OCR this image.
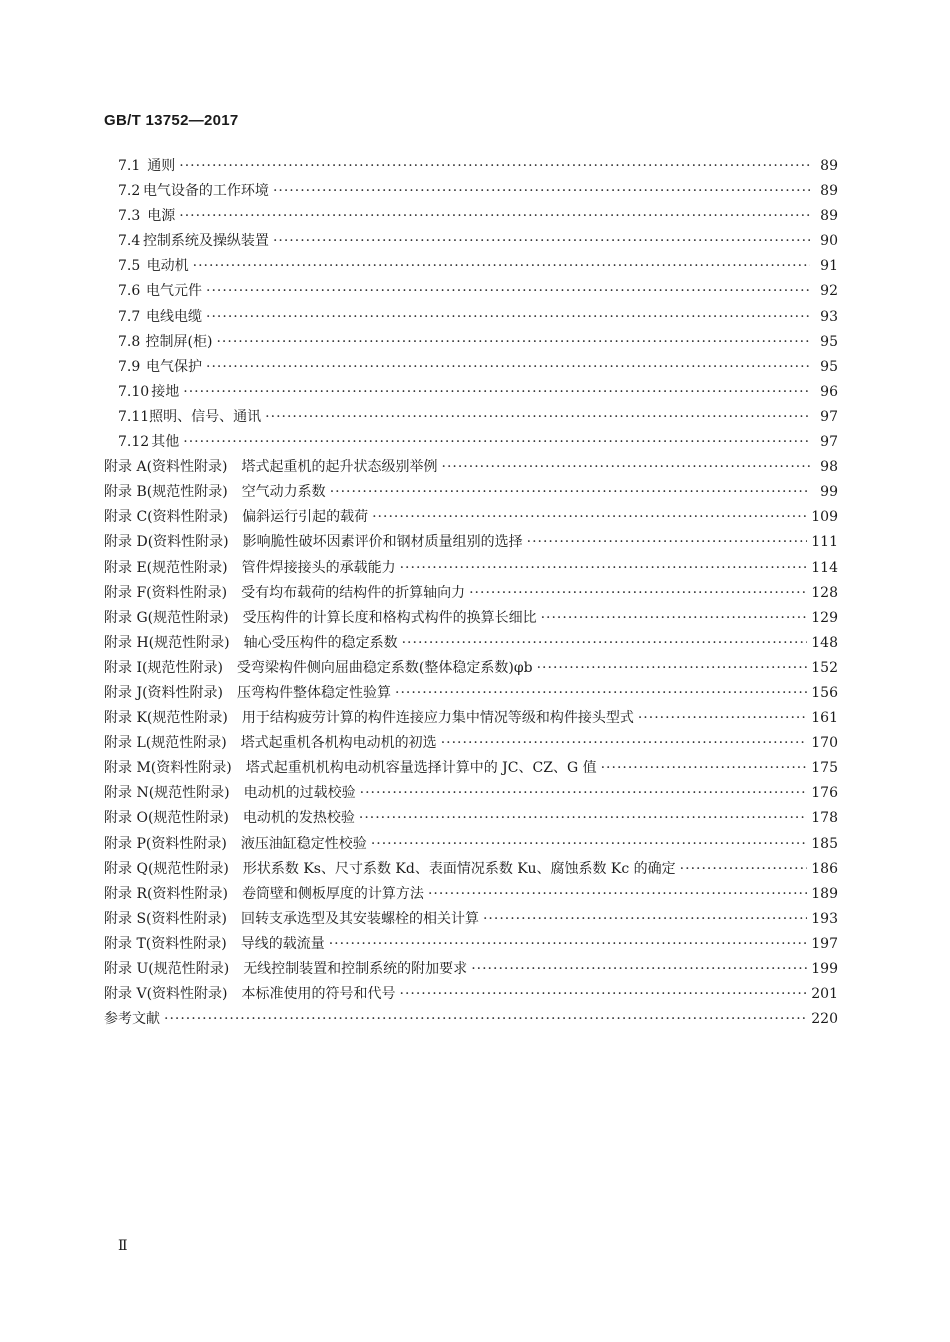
GB/T 13752—2017
7.1 通则 ·····	89
7.2 电气设备的工作环境 ·····	89
7.3 电源 ·····	89
7.4 控制系统及操纵装置 ·····	90
7.5 电动机 ·····	91
7.6 电气元件 ·····	92
7.7 电线电缆 ·····	93
7.8 控制屏(柜) ·····	95
7.9 电气保护 ·····	95
7.10 接地 ·····	96
7.11 照明、信号、通讯 ·····	97
7.12 其他 ·····	97
附录 A (资料性附录) 塔式起重机的起升状态级别举例 ·····	98
附录 B (规范性附录) 空气动力系数 ·····	99
附录 C (资料性附录) 偏斜运行引起的载荷 ·····	109
附录 D (资料性附录) 影响脆性破坏因素评价和钢材质量组别的选择 ·····	111
附录 E (规范性附录) 管件焊接接头的承载能力 ·····	114
附录 F (资料性附录) 受有均布载荷的结构件的折算轴向力 ·····	128
附录 G (规范性附录) 受压构件的计算长度和格构式构件的换算长细比 ·····	129
附录 H (规范性附录) 轴心受压构件的稳定系数 ·····	148
附录 I (规范性附录) 受弯梁构件侧向屈曲稳定系数(整体稳定系数)φb ·····	152
附录 J (资料性附录) 压弯构件整体稳定性验算 ·····	156
附录 K (规范性附录) 用于结构疲劳计算的构件连接应力集中情况等级和构件接头型式 ·····	161
附录 L (规范性附录) 塔式起重机各机构电动机的初选 ·····	170
附录 M (资料性附录) 塔式起重机机构电动机容量选择计算中的 JC、CZ、G 值 ·····	175
附录 N (规范性附录) 电动机的过载校验 ·····	176
附录 O (规范性附录) 电动机的发热校验 ·····	178
附录 P (资料性附录) 液压油缸稳定性校验 ·····	185
附录 Q (规范性附录) 形状系数 Ks、尺寸系数 Kd、表面情况系数 Ku、腐蚀系数 Kc 的确定 ·····	186
附录 R (资料性附录) 卷筒壁和侧板厚度的计算方法 ·····	189
附录 S (资料性附录) 回转支承选型及其安装螺栓的相关计算 ·····	193
附录 T (资料性附录) 导线的载流量 ·····	197
附录 U (规范性附录) 无线控制装置和控制系统的附加要求 ·····	199
附录 V (资料性附录) 本标准使用的符号和代号 ·····	201
参考文献 ·····	220
Ⅱ
